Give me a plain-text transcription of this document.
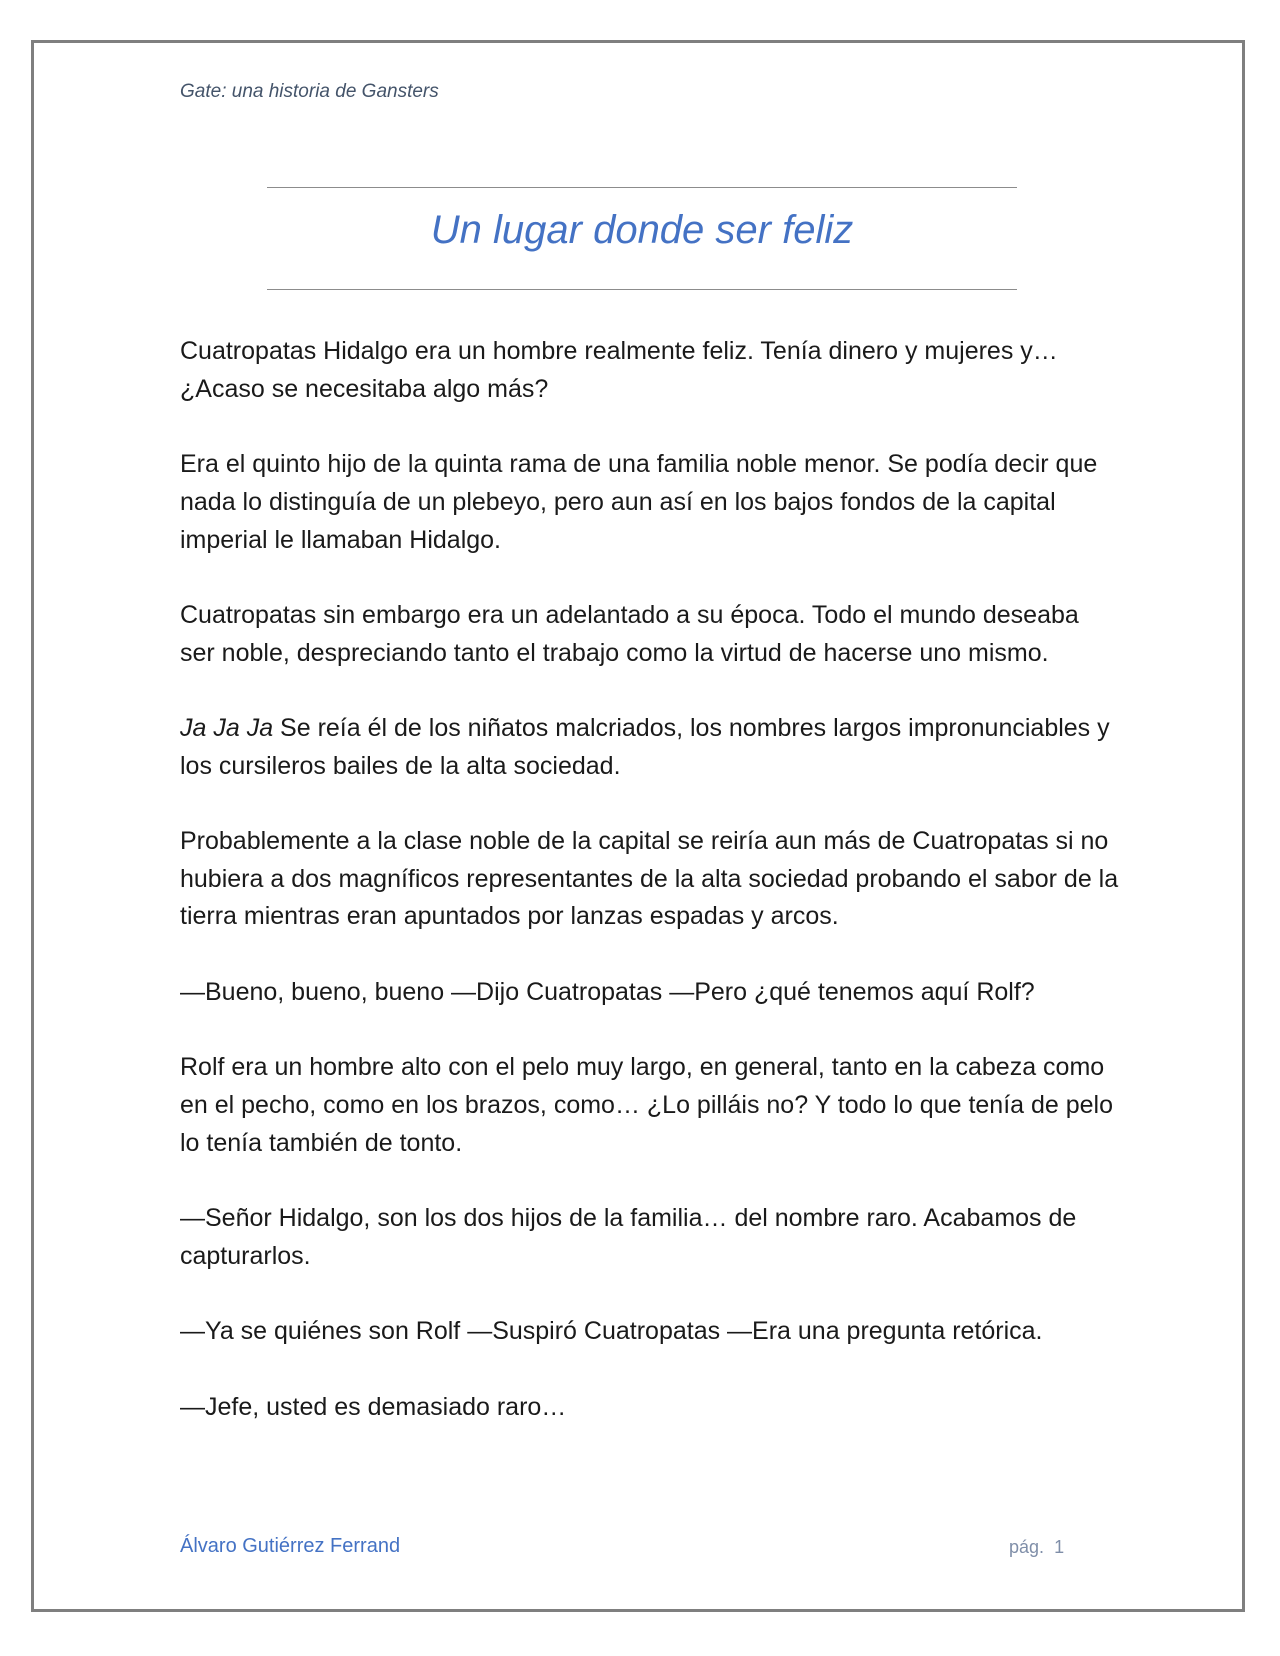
Gate: una historia de Gansters
Un lugar donde ser feliz

Cuatropatas Hidalgo era un hombre realmente feliz. Tenía dinero y mujeres y… ¿Acaso se necesitaba algo más?

Era el quinto hijo de la quinta rama de una familia noble menor. Se podía decir que nada lo distinguía de un plebeyo, pero aun así en los bajos fondos de la capital imperial le llamaban Hidalgo.

Cuatropatas sin embargo era un adelantado a su época. Todo el mundo deseaba ser noble, despreciando tanto el trabajo como la virtud de hacerse uno mismo.

Ja Ja Ja Se reía él de los niñatos malcriados, los nombres largos impronunciables y los cursileros bailes de la alta sociedad.

Probablemente a la clase noble de la capital se reiría aun más de Cuatropatas si no hubiera a dos magníficos representantes de la alta sociedad probando el sabor de la tierra mientras eran apuntados por lanzas espadas y arcos.

—Bueno, bueno, bueno —Dijo Cuatropatas —Pero ¿qué tenemos aquí Rolf?

Rolf era un hombre alto con el pelo muy largo, en general, tanto en la cabeza como en el pecho, como en los brazos, como… ¿Lo pilláis no? Y todo lo que tenía de pelo lo tenía también de tonto.

—Señor Hidalgo, son los dos hijos de la familia… del nombre raro. Acabamos de capturarlos.

—Ya se quiénes son Rolf —Suspiró Cuatropatas —Era una pregunta retórica.

—Jefe, usted es demasiado raro…

Álvaro Gutiérrez Ferrand	pág. 1
